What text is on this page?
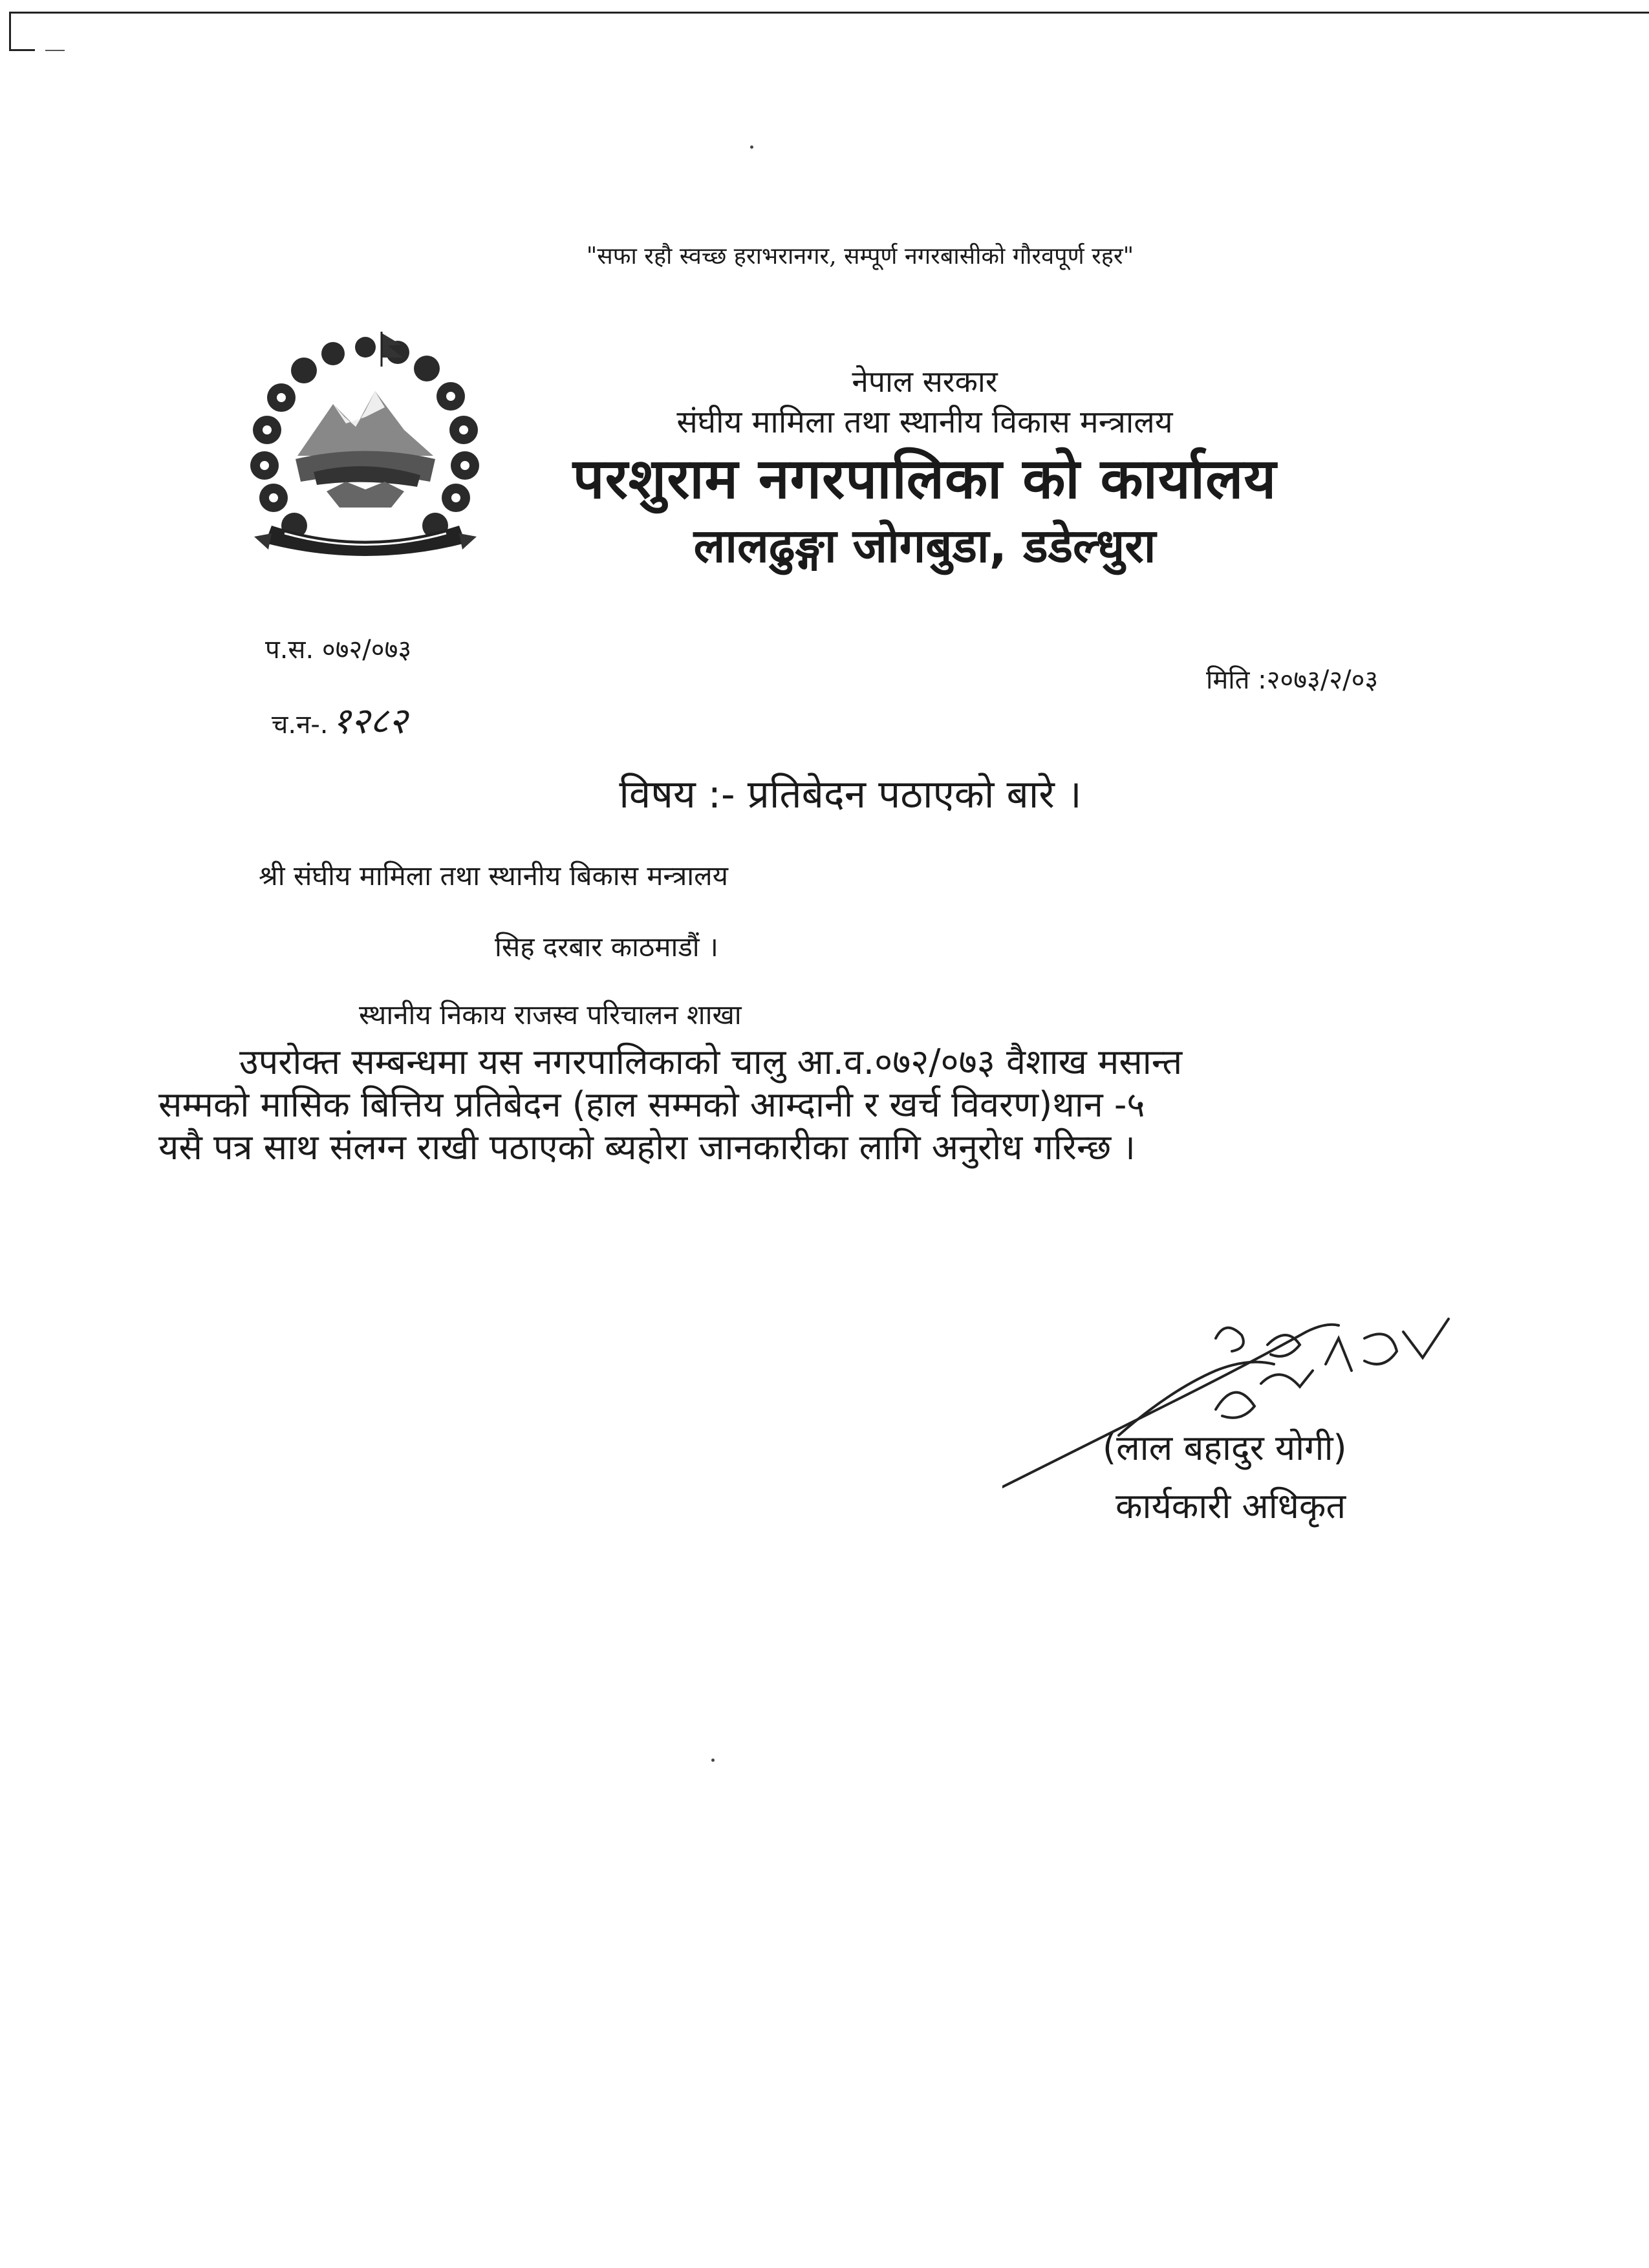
"सफा रहौ स्वच्छ हराभरानगर, सम्पूर्ण नगरबासीको गौरवपूर्ण रहर"

नेपाल सरकार

संघीय मामिला तथा स्थानीय विकास मन्त्रालय

परशुराम नगरपालिका को कार्यालय

लालढुङ्गा जोगबुडा, डडेल्धुरा

प.स. ०७२/०७३
मिति :२०७३/२/०३
च.न-. १२८२
विषय :- प्रतिबेदन पठाएको बारे ।
श्री संघीय मामिला तथा स्थानीय बिकास मन्त्रालय
सिह दरबार काठमाडौं ।
स्थानीय निकाय राजस्व परिचालन शाखा

उपरोक्त सम्बन्धमा यस नगरपालिकाको चालु आ.व.०७२/०७३ वैशाख मसान्त

सम्मको मासिक बित्तिय प्रतिबेदन (हाल सम्मको आम्दानी र खर्च विवरण)थान -५

यसै पत्र साथ संलग्न राखी पठाएको ब्यहोरा जानकारीका लागि अनुरोध गरिन्छ ।

(लाल बहादुर योगी)
कार्यकारी अधिकृत
